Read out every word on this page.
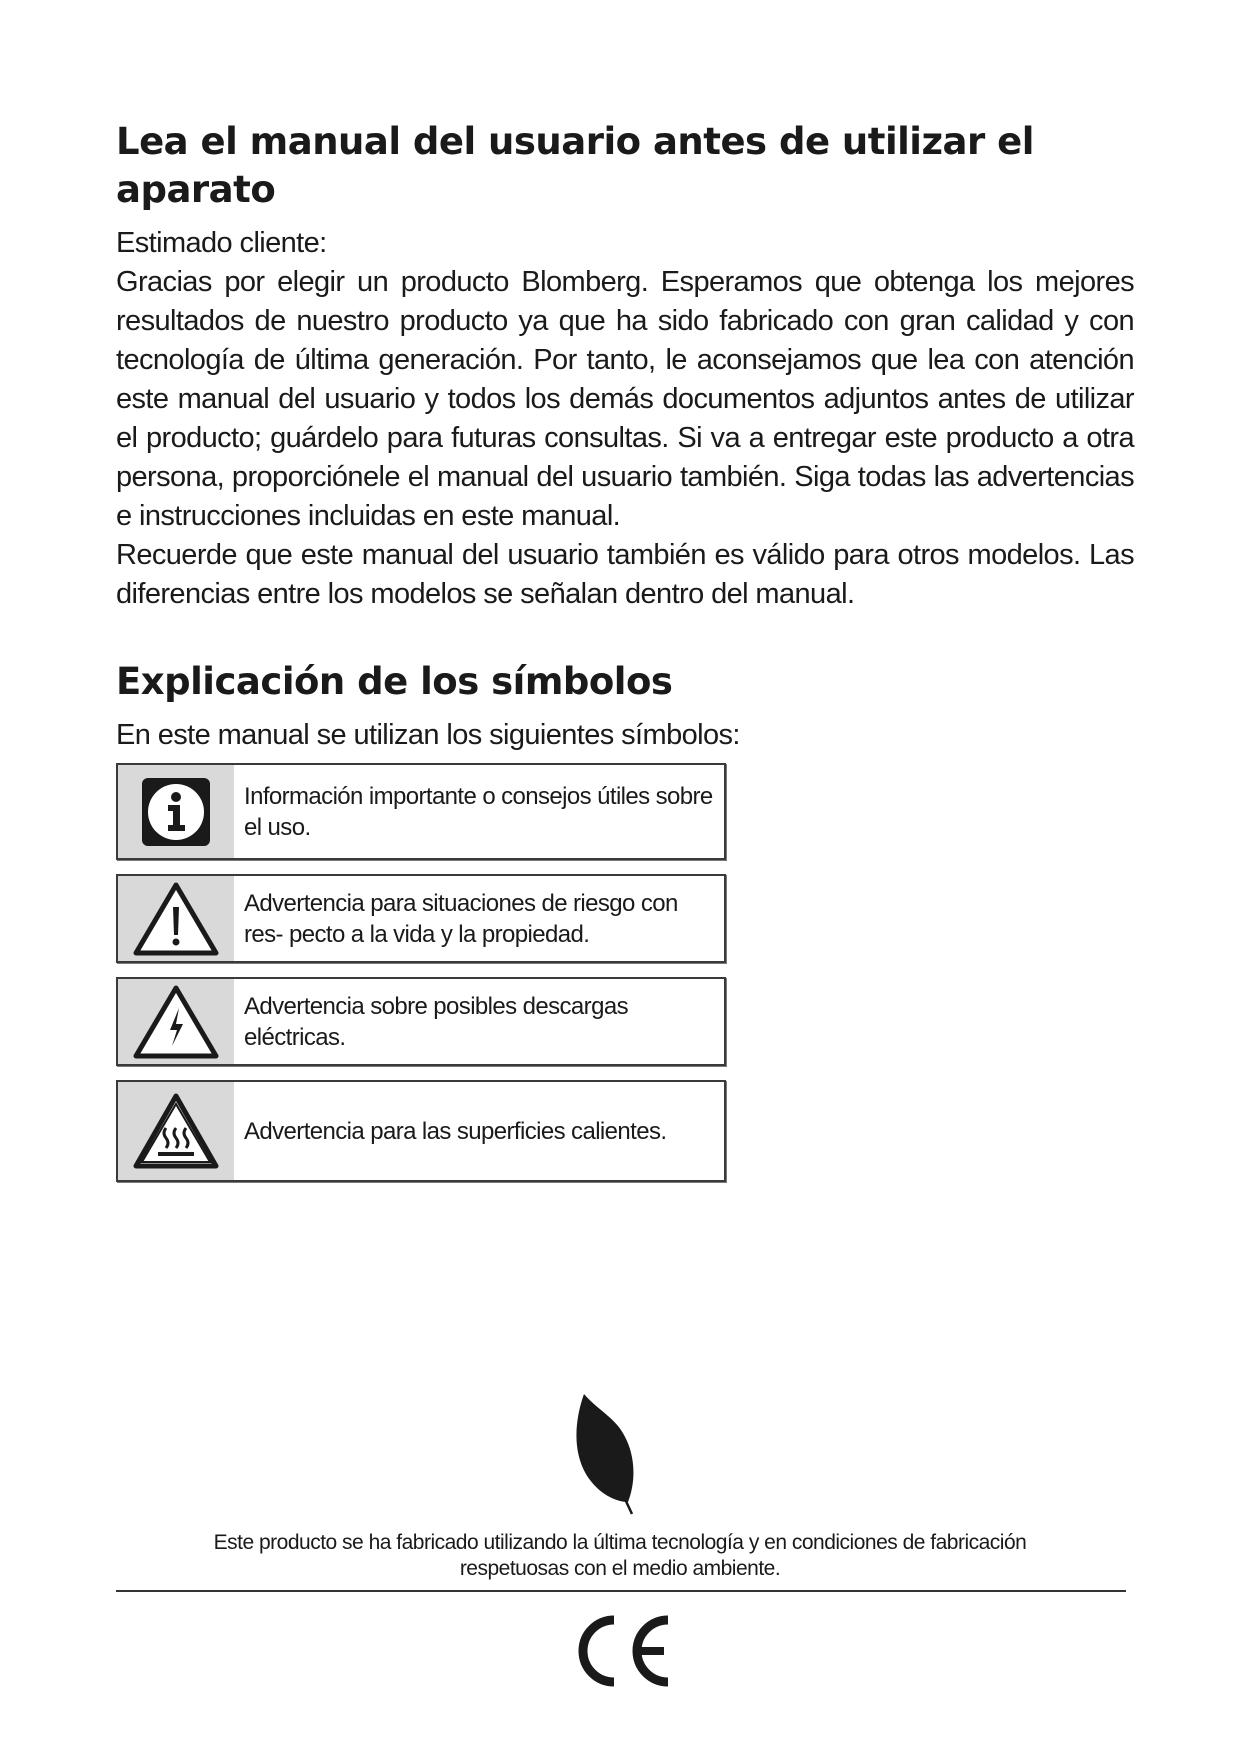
Lea el manual del usuario antes de utilizar el aparato

Estimado cliente:

Gracias por elegir un producto Blomberg. Esperamos que obtenga los mejores resultados de nuestro producto ya que ha sido fabricado con gran calidad y con tecnología de última generación. Por tanto, le aconsejamos que lea con atención este manual del usuario y todos los demás documentos adjuntos antes de utilizar el producto; guárdelo para futuras consultas. Si va a entregar este producto a otra persona, proporciónele el manual del usuario también. Siga todas las advertencias e instrucciones incluidas en este manual.

Recuerde que este manual del usuario también es válido para otros modelos. Las diferencias entre los modelos se señalan dentro del manual.

Explicación de los símbolos

En este manual se utilizan los siguientes símbolos:

Información importante o consejos útiles sobre el uso.
Advertencia para situaciones de riesgo con res- pecto a la vida y la propiedad.
Advertencia sobre posibles descargas eléctricas.
Advertencia para las superficies calientes.
Este producto se ha fabricado utilizando la última tecnología y en condiciones de fabricación
respetuosas con el medio ambiente.
